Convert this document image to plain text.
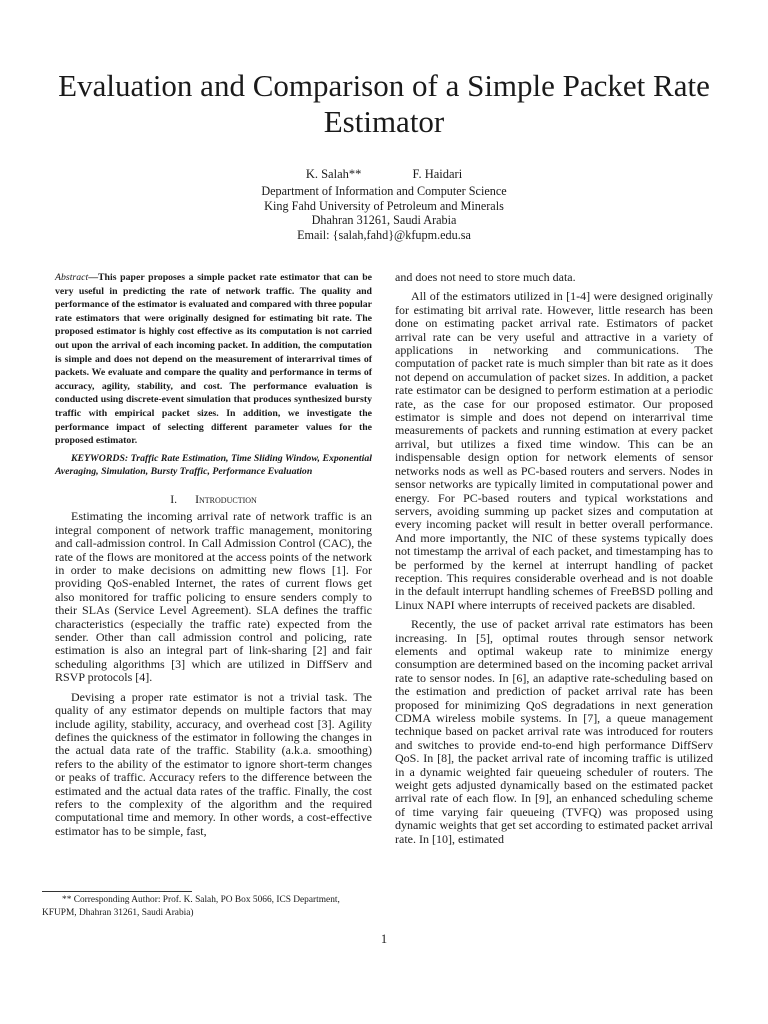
Evaluation and Comparison of a Simple Packet Rate Estimator
K. Salah**	F. Haidari
Department of Information and Computer Science
King Fahd University of Petroleum and Minerals
Dhahran 31261, Saudi Arabia
Email: {salah,fahd}@kfupm.edu.sa

Abstract—This paper proposes a simple packet rate estimator that can be very useful in predicting the rate of network traffic. The quality and performance of the estimator is evaluated and compared with three popular rate estimators that were originally designed for estimating bit rate. The proposed estimator is highly cost effective as its computation is not carried out upon the arrival of each incoming packet. In addition, the computation is simple and does not depend on the measurement of interarrival times of packets. We evaluate and compare the quality and performance in terms of accuracy, agility, stability, and cost. The performance evaluation is conducted using discrete-event simulation that produces synthesized bursty traffic with empirical packet sizes. In addition, we investigate the performance impact of selecting different parameter values for the proposed estimator.

KEYWORDS: Traffic Rate Estimation, Time Sliding Window, Exponential Averaging, Simulation, Bursty Traffic, Performance Evaluation

I. Introduction

Estimating the incoming arrival rate of network traffic is an integral component of network traffic management, monitoring and call-admission control. In Call Admission Control (CAC), the rate of the flows are monitored at the access points of the network in order to make decisions on admitting new flows [1]. For providing QoS-enabled Internet, the rates of current flows get also monitored for traffic policing to ensure senders comply to their SLAs (Service Level Agreement). SLA defines the traffic characteristics (especially the traffic rate) expected from the sender. Other than call admission control and policing, rate estimation is also an integral part of link-sharing [2] and fair scheduling algorithms [3] which are utilized in DiffServ and RSVP protocols [4].

Devising a proper rate estimator is not a trivial task. The quality of any estimator depends on multiple factors that may include agility, stability, accuracy, and overhead cost [3]. Agility defines the quickness of the estimator in following the changes in the actual data rate of the traffic. Stability (a.k.a. smoothing) refers to the ability of the estimator to ignore short-term changes or peaks of traffic. Accuracy refers to the difference between the estimated and the actual data rates of the traffic. Finally, the cost refers to the complexity of the algorithm and the required computational time and memory. In other words, a cost-effective estimator has to be simple, fast,

and does not need to store much data.

All of the estimators utilized in [1-4] were designed originally for estimating bit arrival rate. However, little research has been done on estimating packet arrival rate. Estimators of packet arrival rate can be very useful and attractive in a variety of applications in networking and communications. The computation of packet rate is much simpler than bit rate as it does not depend on accumulation of packet sizes. In addition, a packet rate estimator can be designed to perform estimation at a periodic rate, as the case for our proposed estimator. Our proposed estimator is simple and does not depend on interarrival time measurements of packets and running estimation at every packet arrival, but utilizes a fixed time window. This can be an indispensable design option for network elements of sensor networks nods as well as PC-based routers and servers. Nodes in sensor networks are typically limited in computational power and energy. For PC-based routers and typical workstations and servers, avoiding summing up packet sizes and computation at every incoming packet will result in better overall performance. And more importantly, the NIC of these systems typically does not timestamp the arrival of each packet, and timestamping has to be performed by the kernel at interrupt handling of packet reception. This requires considerable overhead and is not doable in the default interrupt handling schemes of FreeBSD polling and Linux NAPI where interrupts of received packets are disabled.

Recently, the use of packet arrival rate estimators has been increasing. In [5], optimal routes through sensor network elements and optimal wakeup rate to minimize energy consumption are determined based on the incoming packet arrival rate to sensor nodes. In [6], an adaptive rate-scheduling based on the estimation and prediction of packet arrival rate has been proposed for minimizing QoS degradations in next generation CDMA wireless mobile systems. In [7], a queue management technique based on packet arrival rate was introduced for routers and switches to provide end-to-end high performance DiffServ QoS. In [8], the packet arrival rate of incoming traffic is utilized in a dynamic weighted fair queueing scheduler of routers. The weight gets adjusted dynamically based on the estimated packet arrival rate of each flow. In [9], an enhanced scheduling scheme of time varying fair queueing (TVFQ) was proposed using dynamic weights that get set according to estimated packet arrival rate. In [10], estimated

** Corresponding Author: Prof. K. Salah, PO Box 5066, ICS Department, KFUPM, Dhahran 31261, Saudi Arabia)

1
